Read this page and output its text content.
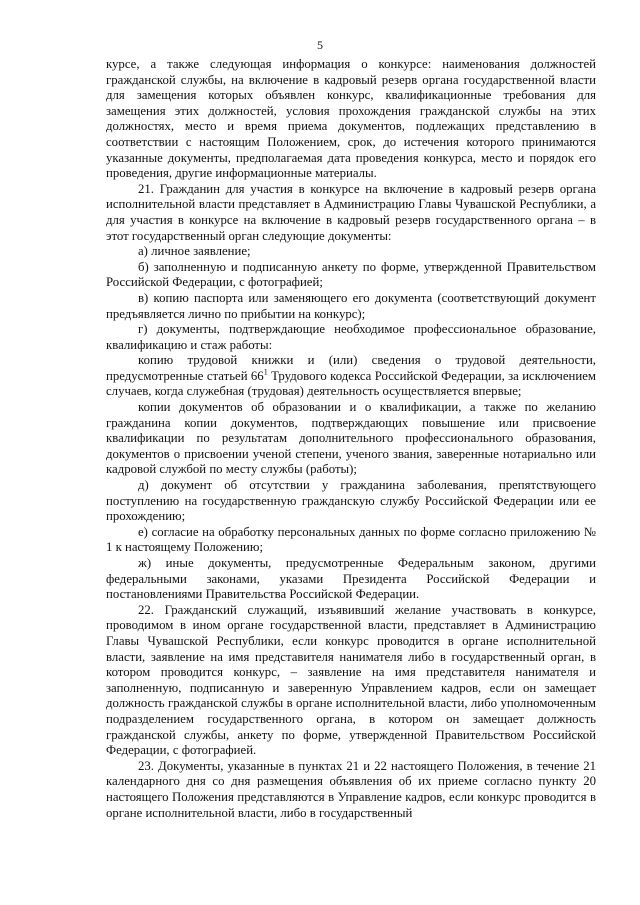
5

курсе, а также следующая информация о конкурсе: наименования должностей гражданской службы, на включение в кадровый резерв органа государственной власти для замещения которых объявлен конкурс, квалификационные требования для замещения этих должностей, условия прохождения гражданской службы на этих должностях, место и время приема документов, подлежащих представлению в соответствии с настоящим Положением, срок, до истечения которого принимаются указанные документы, предполагаемая дата проведения конкурса, место и порядок его проведения, другие информационные материалы.

21. Гражданин для участия в конкурсе на включение в кадровый резерв органа исполнительной власти представляет в Администрацию Главы Чувашской Республики, а для участия в конкурсе на включение в кадровый резерв государственного органа – в этот государственный орган следующие документы:

а) личное заявление;

б) заполненную и подписанную анкету по форме, утвержденной Правительством Российской Федерации, с фотографией;

в) копию паспорта или заменяющего его документа (соответствующий документ предъявляется лично по прибытии на конкурс);

г) документы, подтверждающие необходимое профессиональное образование, квалификацию и стаж работы:

копию трудовой книжки и (или) сведения о трудовой деятельности, предусмотренные статьей $66^1$ Трудового кодекса Российской Федерации, за исключением случаев, когда служебная (трудовая) деятельность осуществляется впервые;

копии документов об образовании и о квалификации, а также по желанию гражданина копии документов, подтверждающих повышение или присвоение квалификации по результатам дополнительного профессионального образования, документов о присвоении ученой степени, ученого звания, заверенные нотариально или кадровой службой по месту службы (работы);

д) документ об отсутствии у гражданина заболевания, препятствующего поступлению на государственную гражданскую службу Российской Федерации или ее прохождению;

е) согласие на обработку персональных данных по форме согласно приложению № 1 к настоящему Положению;

ж) иные документы, предусмотренные Федеральным законом, другими федеральными законами, указами Президента Российской Федерации и постановлениями Правительства Российской Федерации.

22. Гражданский служащий, изъявивший желание участвовать в конкурсе, проводимом в ином органе государственной власти, представляет в Администрацию Главы Чувашской Республики, если конкурс проводится в органе исполнительной власти, заявление на имя представителя нанимателя либо в государственный орган, в котором проводится конкурс, – заявление на имя представителя нанимателя и заполненную, подписанную и заверенную Управлением кадров, если он замещает должность гражданской службы в органе исполнительной власти, либо уполномоченным подразделением государственного органа, в котором он замещает должность гражданской службы, анкету по форме, утвержденной Правительством Российской Федерации, с фотографией.

23. Документы, указанные в пунктах 21 и 22 настоящего Положения, в течение 21 календарного дня со дня размещения объявления об их приеме согласно пункту 20 настоящего Положения представляются в Управление кадров, если конкурс проводится в органе исполнительной власти, либо в государственный
